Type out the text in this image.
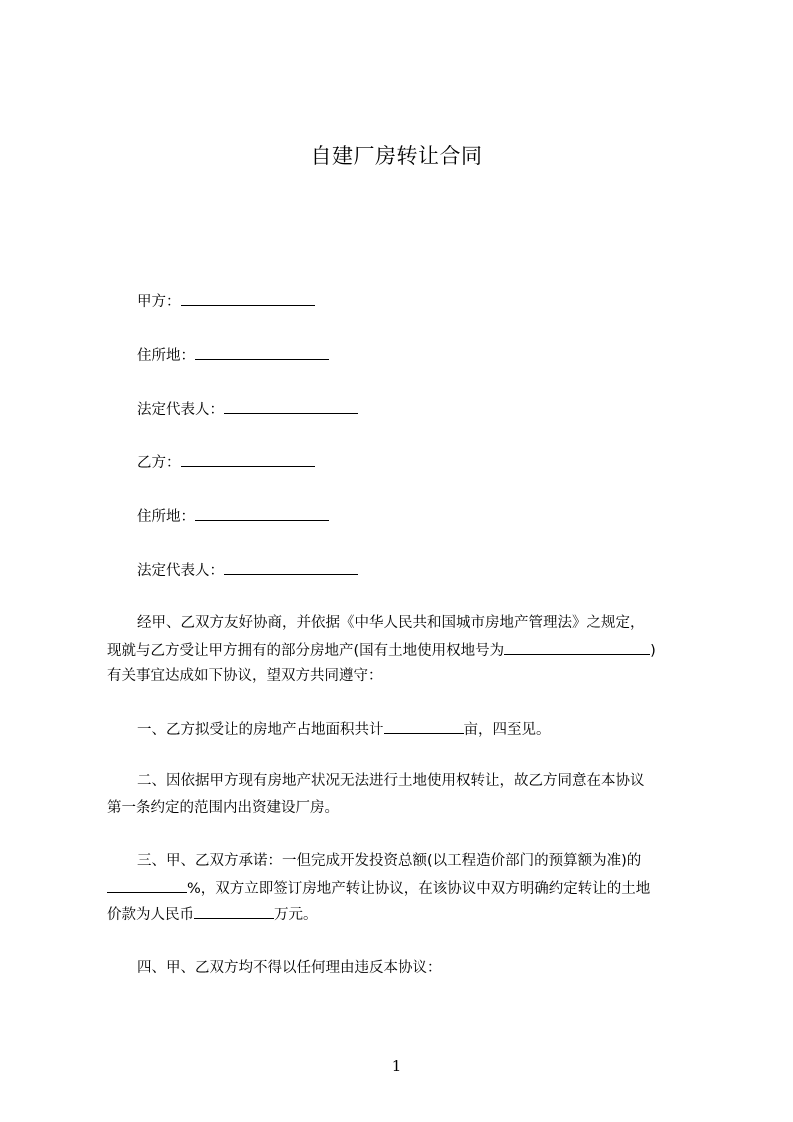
自建厂房转让合同
甲方：
住所地：
法定代表人：
乙方：
住所地：
法定代表人：
经甲、乙双方友好协商，并依据《中华人民共和国城市房地产管理法》之规定，
现就与乙方受让甲方拥有的部分房地产(国有土地使用权地号为	)
有关事宜达成如下协议，望双方共同遵守：
一、乙方拟受让的房地产占地面积共计	亩，四至见。
二、因依据甲方现有房地产状况无法进行土地使用权转让，故乙方同意在本协议
第一条约定的范围内出资建设厂房。
三、甲、乙双方承诺：一但完成开发投资总额(以工程造价部门的预算额为准)的
%，双方立即签订房地产转让协议，在该协议中双方明确约定转让的土地
价款为人民币	万元。
四、甲、乙双方均不得以任何理由违反本协议：
1
